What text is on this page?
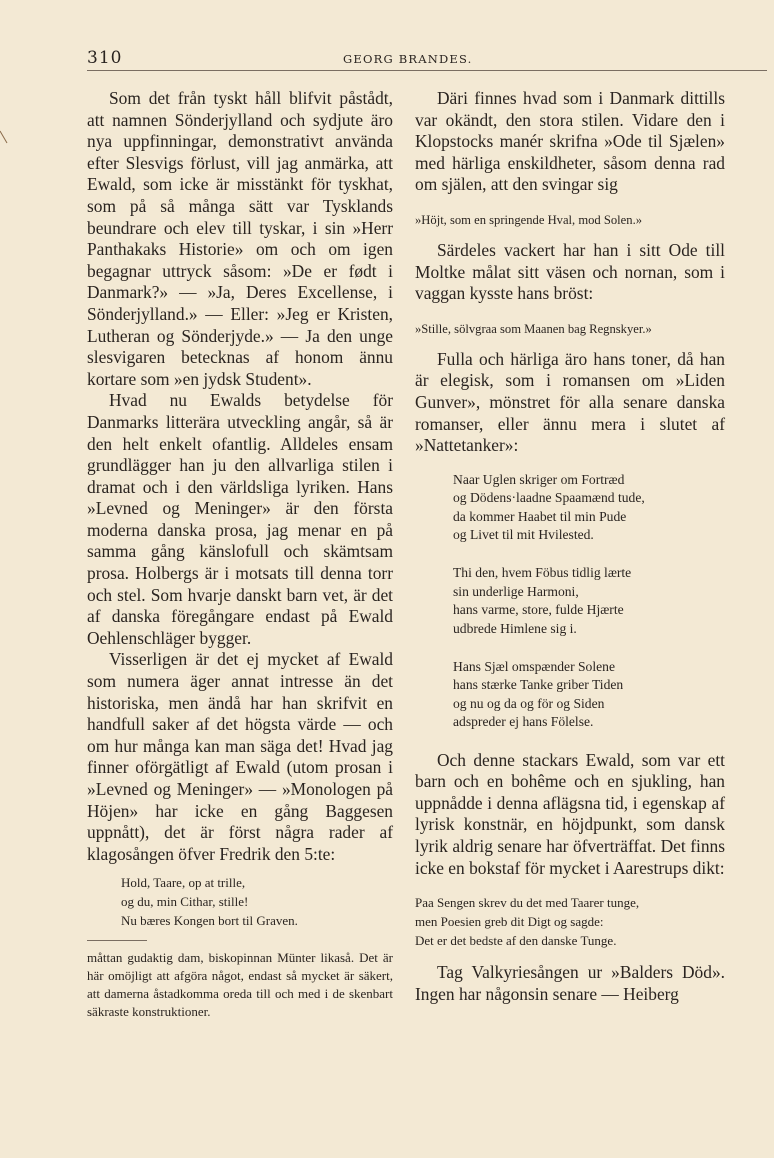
310	GEORG BRANDES.

Som det från tyskt håll blifvit påstådt, att namnen Sönderjylland och sydjute äro nya uppfinningar, demonstrativt använda efter Slesvigs förlust, vill jag anmärka, att Ewald, som icke är misstänkt för tyskhat, som på så många sätt var Tysklands beundrare och elev till tyskar, i sin »Herr Panthakaks Historie» om och om igen begagnar uttryck såsom: »De er født i Danmark?» — »Ja, Deres Excellense, i Sönderjylland.» — Eller: »Jeg er Kristen, Lutheran og Sönderjyde.» — Ja den unge slesvigaren betecknas af honom ännu kortare som »en jydsk Student».

Hvad nu Ewalds betydelse för Danmarks litterära utveckling angår, så är den helt enkelt ofantlig. Alldeles ensam grundlägger han ju den allvarliga stilen i dramat och i den världsliga lyriken. Hans »Levned og Meninger» är den första moderna danska prosa, jag menar en på samma gång känslofull och skämtsam prosa. Holbergs är i motsats till denna torr och stel. Som hvarje danskt barn vet, är det af danska föregångare endast på Ewald Oehlenschläger bygger.

Visserligen är det ej mycket af Ewald som numera äger annat intresse än det historiska, men ändå har han skrifvit en handfull saker af det högsta värde — och om hur många kan man säga det! Hvad jag finner oförgätligt af Ewald (utom prosan i »Levned og Meninger» — »Monologen på Höjen» har icke en gång Baggesen uppnått), det är först några rader af klagosången öfver Fredrik den 5:te:

Hold, Taare, op at trille,
og du, min Cithar, stille!
Nu bæres Kongen bort til Graven.

måttan gudaktig dam, biskopinnan Münter likaså. Det är här omöjligt att afgöra något, endast så mycket är säkert, att damerna åstadkomma oreda till och med i de skenbart säkraste konstruktioner.

Däri finnes hvad som i Danmark dittills var okändt, den stora stilen. Vidare den i Klopstocks manér skrifna »Ode til Sjælen» med härliga enskildheter, såsom denna rad om själen, att den svingar sig

»Höjt, som en springende Hval, mod Solen.»

Särdeles vackert har han i sitt Ode till Moltke målat sitt väsen och nornan, som i vaggan kysste hans bröst:

»Stille, sölvgraa som Maanen bag Regnskyer.»

Fulla och härliga äro hans toner, då han är elegisk, som i romansen om »Liden Gunver», mönstret för alla senare danska romanser, eller ännu mera i slutet af »Nattetanker»:

Naar Uglen skriger om Fortræd
og Dödens·laadne Spaamænd tude,
da kommer Haabet til min Pude
og Livet til mit Hvilested.
Thi den, hvem Föbus tidlig lærte
sin underlige Harmoni,
hans varme, store, fulde Hjærte
udbrede Himlene sig i.
Hans Sjæl omspænder Solene
hans stærke Tanke griber Tiden
og nu og da og för og Siden
adspreder ej hans Fölelse.

Och denne stackars Ewald, som var ett barn och en bohême och en sjukling, han uppnådde i denna aflägsna tid, i egenskap af lyrisk konstnär, en höjdpunkt, som dansk lyrik aldrig senare har öfverträffat. Det finns icke en bokstaf för mycket i Aarestrups dikt:

Paa Sengen skrev du det med Taarer tunge,
men Poesien greb dit Digt og sagde:
Det er det bedste af den danske Tunge.

Tag Valkyriesången ur »Balders Död». Ingen har någonsin senare — Heiberg
